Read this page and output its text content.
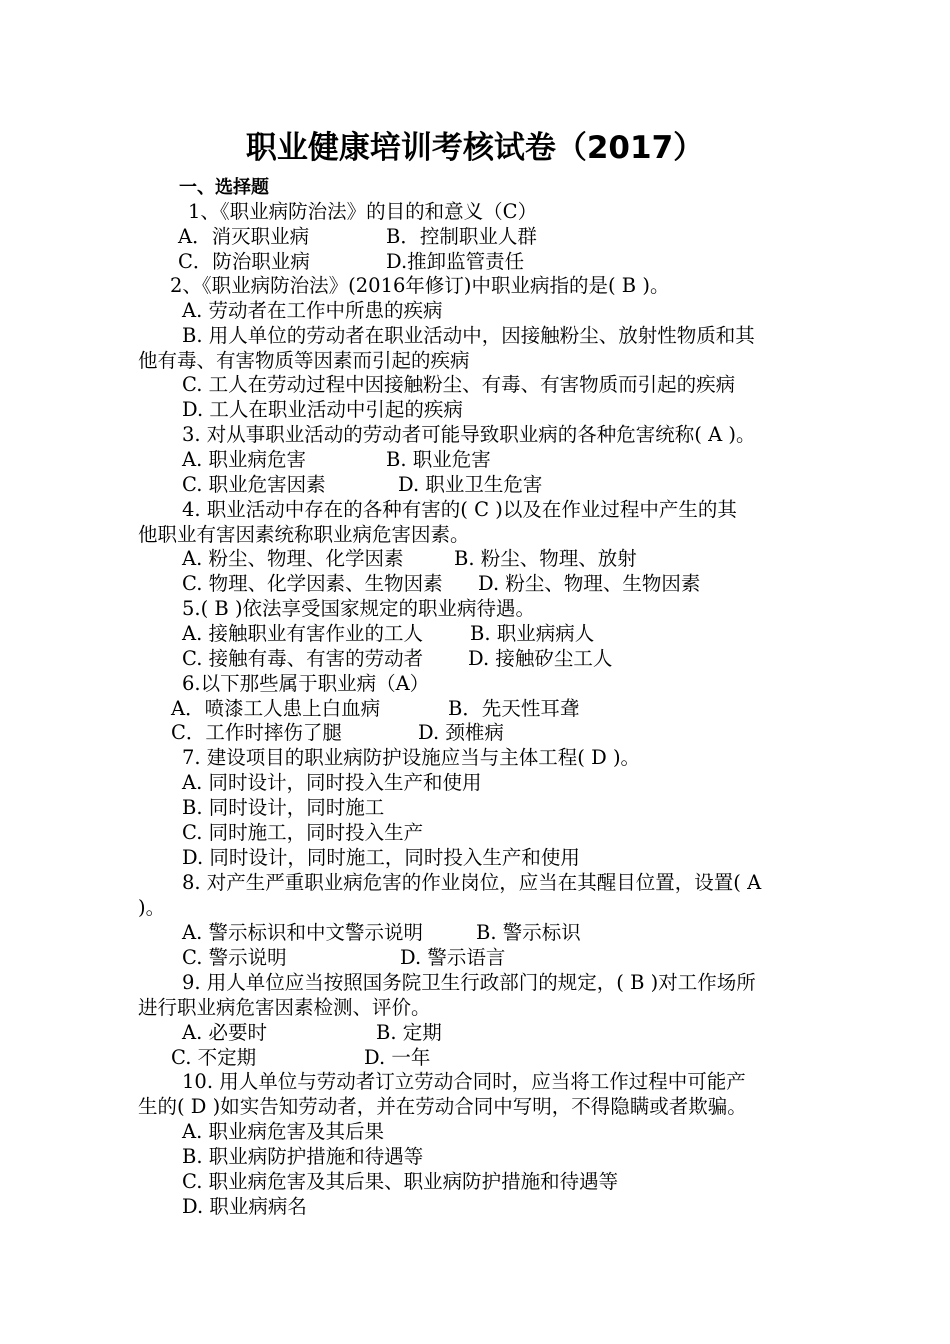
职业健康培训考核试卷（2017）
一、选择题
1、《职业病防治法》的目的和意义（C）
A．消灭职业病	B．控制职业人群
C．防治职业病	D.推卸监管责任
2、《职业病防治法》(2016年修订)中职业病指的是( B )。
A. 劳动者在工作中所患的疾病
B. 用人单位的劳动者在职业活动中，因接触粉尘、放射性物质和其
他有毒、有害物质等因素而引起的疾病
C. 工人在劳动过程中因接触粉尘、有毒、有害物质而引起的疾病
D. 工人在职业活动中引起的疾病
3. 对从事职业活动的劳动者可能导致职业病的各种危害统称( A )。
A. 职业病危害	B. 职业危害
C. 职业危害因素	D. 职业卫生危害
4. 职业活动中存在的各种有害的( C )以及在作业过程中产生的其
他职业有害因素统称职业病危害因素。
A. 粉尘、物理、化学因素	B. 粉尘、物理、放射
C. 物理、化学因素、生物因素 D. 粉尘、物理、生物因素
5.( B )依法享受国家规定的职业病待遇。
A. 接触职业有害作业的工人 B. 职业病病人
C. 接触有毒、有害的劳动者 D. 接触矽尘工人
6.以下那些属于职业病（A）
A．喷漆工人患上白血病	B．先天性耳聋
C．工作时摔伤了腿	D. 颈椎病
7. 建设项目的职业病防护设施应当与主体工程( D )。
A. 同时设计，同时投入生产和使用
B. 同时设计，同时施工
C. 同时施工，同时投入生产
D. 同时设计，同时施工，同时投入生产和使用
8. 对产生严重职业病危害的作业岗位，应当在其醒目位置，设置( A
)。
A. 警示标识和中文警示说明	B. 警示标识
C. 警示说明	D. 警示语言
9. 用人单位应当按照国务院卫生行政部门的规定，( B )对工作场所
进行职业病危害因素检测、评价。
A. 必要时	B. 定期
C. 不定期	D. 一年
10. 用人单位与劳动者订立劳动合同时，应当将工作过程中可能产
生的( D )如实告知劳动者，并在劳动合同中写明，不得隐瞒或者欺骗。
A. 职业病危害及其后果
B. 职业病防护措施和待遇等
C. 职业病危害及其后果、职业病防护措施和待遇等
D. 职业病病名
